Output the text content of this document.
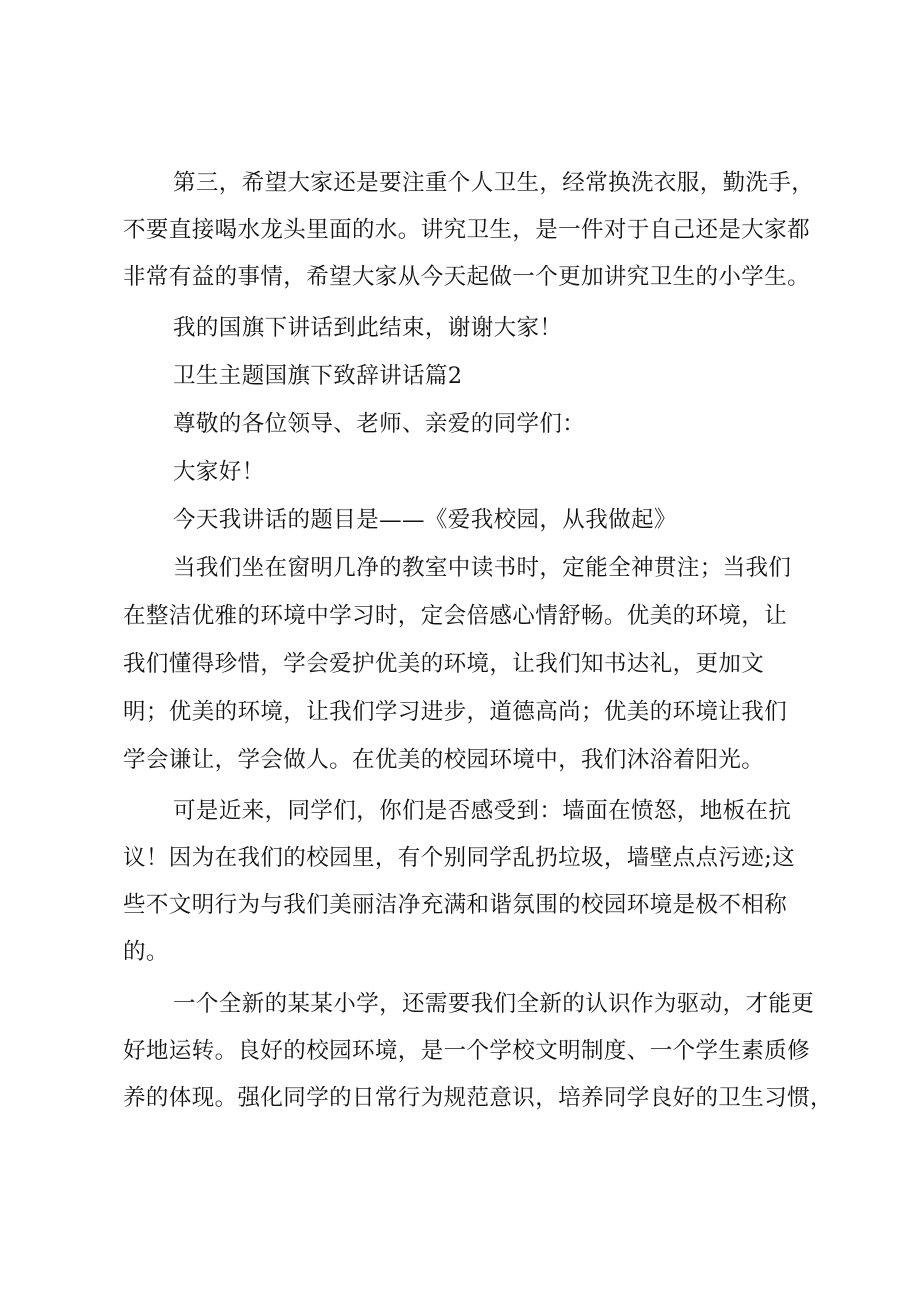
第三，希望大家还是要注重个人卫生，经常换洗衣服，勤洗手，
不要直接喝水龙头里面的水。讲究卫生，是一件对于自己还是大家都
非常有益的事情，希望大家从今天起做一个更加讲究卫生的小学生。
我的国旗下讲话到此结束，谢谢大家！
卫生主题国旗下致辞讲话篇2
尊敬的各位领导、老师、亲爱的同学们：
大家好！
今天我讲话的题目是——《爱我校园，从我做起》
当我们坐在窗明几净的教室中读书时，定能全神贯注；当我们
在整洁优雅的环境中学习时，定会倍感心情舒畅。优美的环境，让
我们懂得珍惜，学会爱护优美的环境，让我们知书达礼，更加文
明；优美的环境，让我们学习进步，道德高尚；优美的环境让我们
学会谦让，学会做人。在优美的校园环境中，我们沐浴着阳光。
可是近来，同学们，你们是否感受到：墙面在愤怒，地板在抗
议！因为在我们的校园里，有个别同学乱扔垃圾，墙壁点点污迹;这
些不文明行为与我们美丽洁净充满和谐氛围的校园环境是极不相称
的。
一个全新的某某小学，还需要我们全新的认识作为驱动，才能更
好地运转。良好的校园环境，是一个学校文明制度、一个学生素质修
养的体现。强化同学的日常行为规范意识，培养同学良好的卫生习惯，
